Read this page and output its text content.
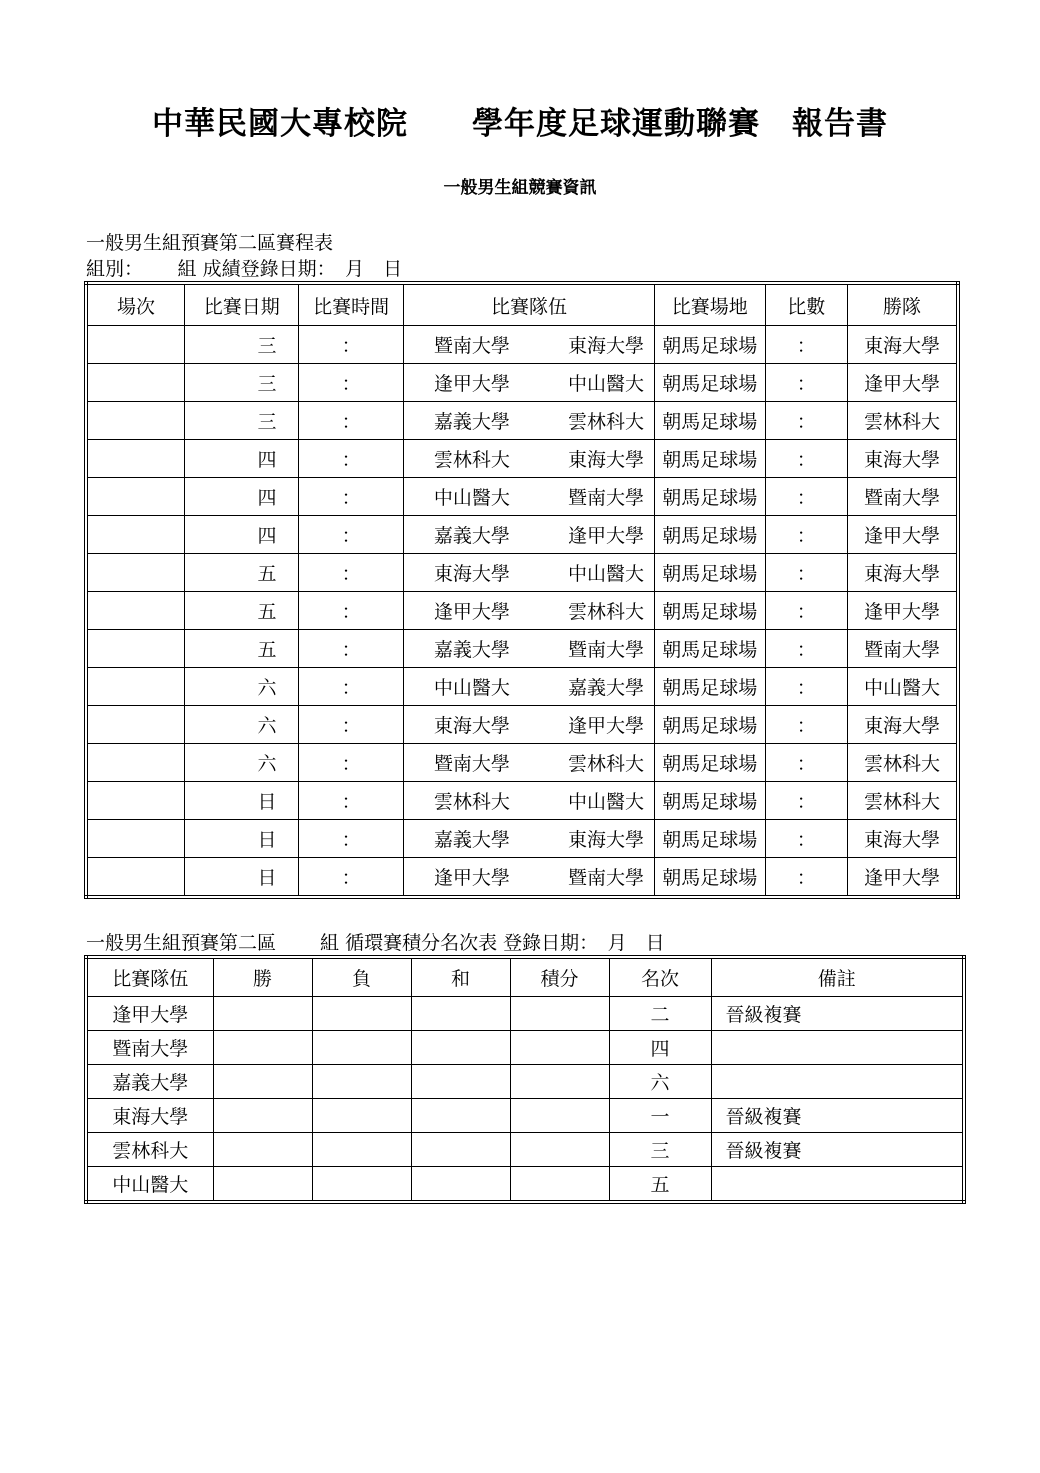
中華民國大專校院　　學年度足球運動聯賽　報告書
一般男生組競賽資訊
一般男生組預賽第二區賽程表
組別：　　 組 成績登錄日期：　月　日
場次	比賽日期	比賽時間	比賽隊伍	比賽場地	比數	勝隊
	三	：	暨南大學 東海大學	朝馬足球場	：	東海大學
	三	：	逢甲大學 中山醫大	朝馬足球場	：	逢甲大學
	三	：	嘉義大學 雲林科大	朝馬足球場	：	雲林科大
	四	：	雲林科大 東海大學	朝馬足球場	：	東海大學
	四	：	中山醫大 暨南大學	朝馬足球場	：	暨南大學
	四	：	嘉義大學 逢甲大學	朝馬足球場	：	逢甲大學
	五	：	東海大學 中山醫大	朝馬足球場	：	東海大學
	五	：	逢甲大學 雲林科大	朝馬足球場	：	逢甲大學
	五	：	嘉義大學 暨南大學	朝馬足球場	：	暨南大學
	六	：	中山醫大 嘉義大學	朝馬足球場	：	中山醫大
	六	：	東海大學 逢甲大學	朝馬足球場	：	東海大學
	六	：	暨南大學 雲林科大	朝馬足球場	：	雲林科大
	日	：	雲林科大 中山醫大	朝馬足球場	：	雲林科大
	日	：	嘉義大學 東海大學	朝馬足球場	：	東海大學
	日	：	逢甲大學 暨南大學	朝馬足球場	：	逢甲大學
一般男生組預賽第二區　　 組 循環賽積分名次表 登錄日期：　月　日
比賽隊伍	勝	負	和	積分	名次	備註
逢甲大學					二	晉級複賽
暨南大學					四	
嘉義大學					六	
東海大學					一	晉級複賽
雲林科大					三	晉級複賽
中山醫大					五	
